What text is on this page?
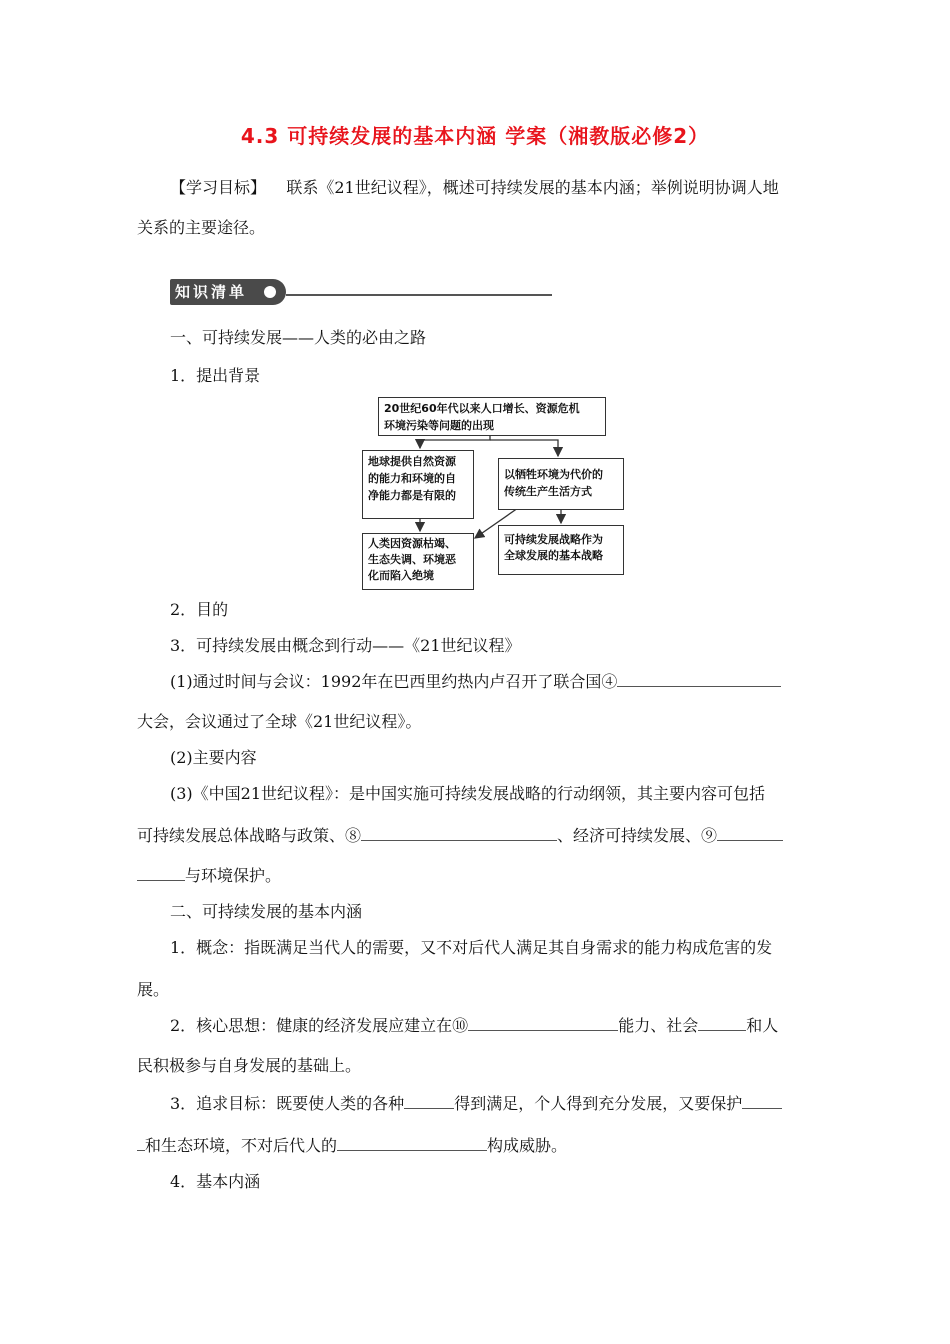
4.3 可持续发展的基本内涵 学案（湘教版必修2）
【学习目标】 联系《21世纪议程》，概述可持续发展的基本内涵；举例说明协调人地
关系的主要途径。
知识清单
一、可持续发展——人类的必由之路
1．提出背景
20世纪60年代以来人口增长、资源危机
环境污染等问题的出现
地球提供自然资源
的能力和环境的自
净能力都是有限的
以牺牲环境为代价的
传统生产生活方式
人类因资源枯竭、
生态失调、环境恶
化而陷入绝境
可持续发展战略作为
全球发展的基本战略
2．目的
3．可持续发展由概念到行动——《21世纪议程》
(1)通过时间与会议：1992年在巴西里约热内卢召开了联合国④
大会，会议通过了全球《21世纪议程》。
(2)主要内容
(3)《中国21世纪议程》：是中国实施可持续发展战略的行动纲领，其主要内容可包括
可持续发展总体战略与政策、⑧	、经济可持续发展、⑨
与环境保护。
二、可持续发展的基本内涵
1．概念：指既满足当代人的需要，又不对后代人满足其自身需求的能力构成危害的发
展。
2．核心思想：健康的经济发展应建立在⑩	能力、社会	和人
民积极参与自身发展的基础上。
3．追求目标：既要使人类的各种	得到满足，个人得到充分发展，又要保护
和生态环境，不对后代人的	构成威胁。
4．基本内涵
